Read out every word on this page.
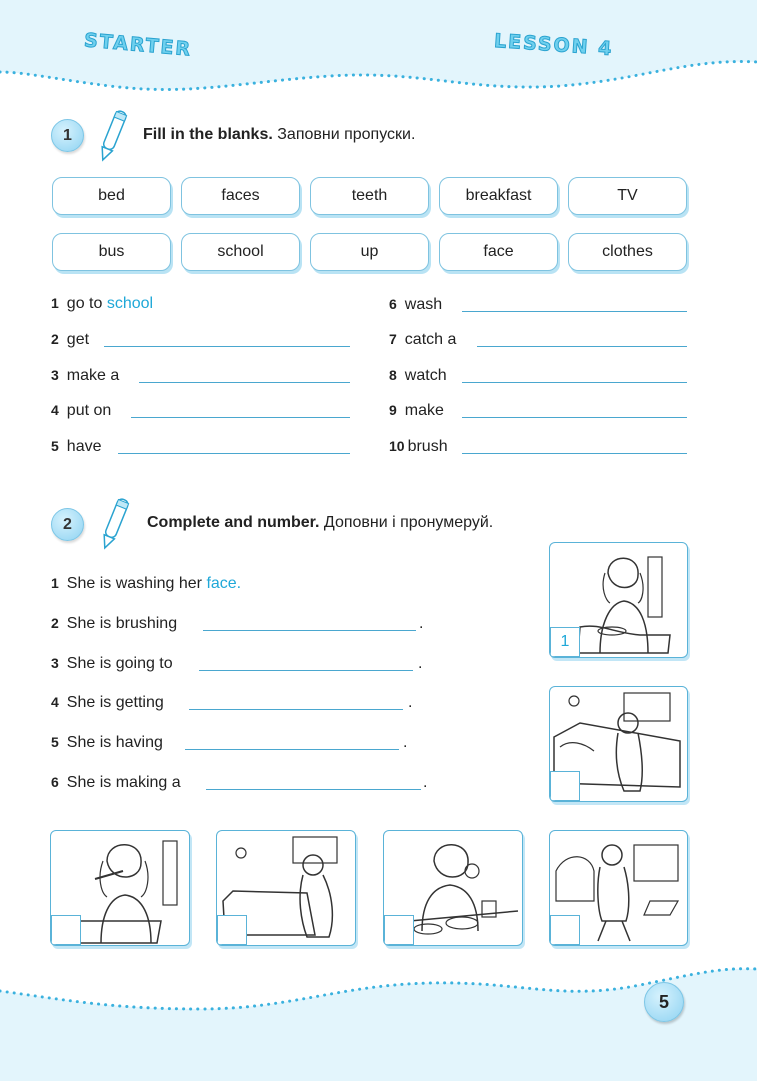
STARTER	LESSON 4
1	Fill in the blanks. Заповни пропуски.
bed	faces	teeth	breakfast	TV
bus	school	up	face	clothes
1 go to school
2 get
3 make a
4 put on
5 have
6 wash
7 catch a
8 watch
9 make
10 brush
2	Complete and number. Доповни і пронумеруй.
1 She is washing her face.
2 She is brushing	.
3 She is going to	.
4 She is getting	.
5 She is having	.
6 She is making a	.
1
5
